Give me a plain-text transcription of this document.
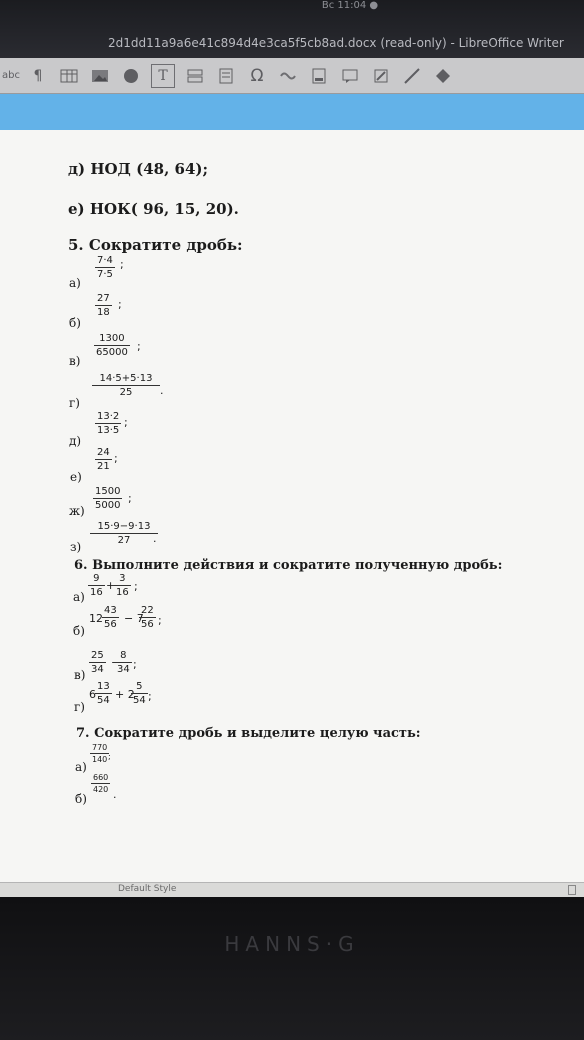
Вс 11:04 ●
2d1dd11a9a6e41c894d4e3ca5f5cb8ad.docx (read-only) - LibreOffice Writer
abc ¶	T	Ω
д) НОД (48, 64);
е) НОК( 96, 15, 20).
5. Сократите дробь:
а)
$\frac{7\cdot 4}{7\cdot 5}$ ;
б)
$\frac{27}{18}$ ;
в)
$\frac{1300}{65000}$ ;
г)
$\frac{14\cdot 5+5\cdot 13}{25}$ .
д)
$\frac{13\cdot 2}{13\cdot 5}$ ;
е)
$\frac{24}{21}$ ;
$ж) \frac{1500}{5000}$ ;
$з) \frac{15\cdot 9-9\cdot 13}{27}$
.
6. Выполните действия и сократите полученную дробь:
$а) \frac{9}{16}$ +
$\frac{3}{16}$ ;
б)
$12 \frac{43}{56} - 7$
$\frac{22}{56}$ ;
$в) \frac{25}{34}$ −
$\frac{8}{34}$ ;
г)
$6 \frac{13}{54} + 2$
$\frac{5}{54}$ ;
7. Сократите дробь и выделите целую часть:
а)
$\frac{770}{140}$
;
б)
$\frac{660}{420}$ .
Default Style
HANNS·G
